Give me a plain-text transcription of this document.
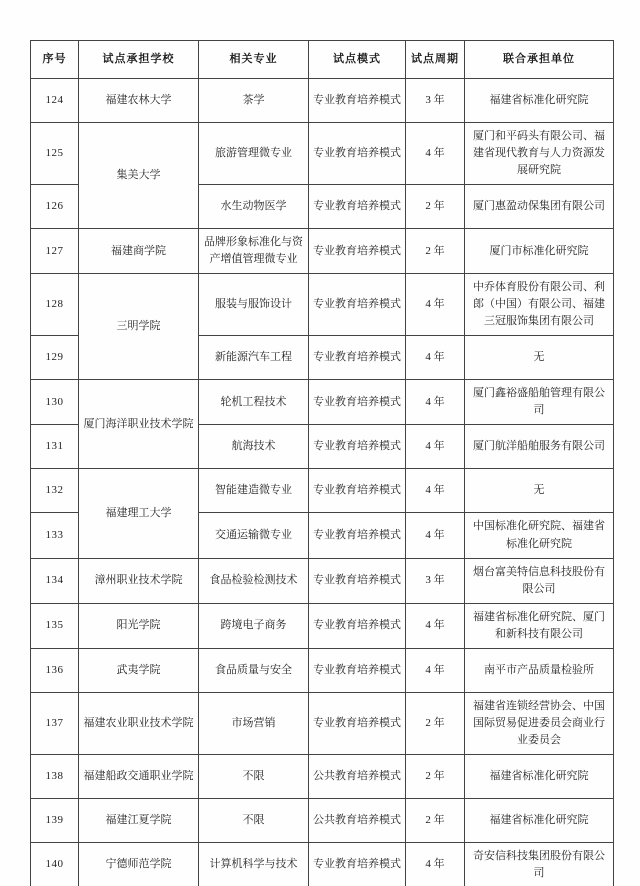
序号	试点承担学校	相关专业	试点模式	试点周期	联合承担单位
124	福建农林大学	茶学	专业教育培养模式	3 年	福建省标准化研究院
125	集美大学	旅游管理微专业	专业教育培养模式	4 年	厦门和平码头有限公司、福建省现代教育与人力资源发展研究院
126		水生动物医学	专业教育培养模式	2 年	厦门惠盈动保集团有限公司
127	福建商学院	品牌形象标准化与资产增值管理微专业	专业教育培养模式	2 年	厦门市标准化研究院
128	三明学院	服装与服饰设计	专业教育培养模式	4 年	中乔体育股份有限公司、利郎（中国）有限公司、福建三冠服饰集团有限公司
129		新能源汽车工程	专业教育培养模式	4 年	无
130	厦门海洋职业技术学院	轮机工程技术	专业教育培养模式	4 年	厦门鑫裕盛船舶管理有限公司
131		航海技术	专业教育培养模式	4 年	厦门航洋船舶服务有限公司
132	福建理工大学	智能建造微专业	专业教育培养模式	4 年	无
133		交通运输微专业	专业教育培养模式	4 年	中国标准化研究院、福建省标准化研究院
134	漳州职业技术学院	食品检验检测技术	专业教育培养模式	3 年	烟台富美特信息科技股份有限公司
135	阳光学院	跨境电子商务	专业教育培养模式	4 年	福建省标准化研究院、厦门和新科技有限公司
136	武夷学院	食品质量与安全	专业教育培养模式	4 年	南平市产品质量检验所
137	福建农业职业技术学院	市场营销	专业教育培养模式	2 年	福建省连锁经营协会、中国国际贸易促进委员会商业行业委员会
138	福建船政交通职业学院	不限	公共教育培养模式	2 年	福建省标准化研究院
139	福建江夏学院	不限	公共教育培养模式	2 年	福建省标准化研究院
140	宁德师范学院	计算机科学与技术	专业教育培养模式	4 年	奇安信科技集团股份有限公司
